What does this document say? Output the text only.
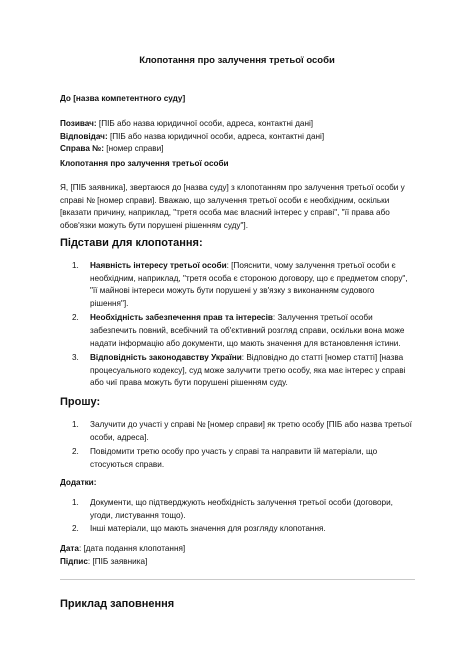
Клопотання про залучення третьої особи
До [назва компетентного суду]
Позивач: [ПІБ або назва юридичної особи, адреса, контактні дані]
Відповідач: [ПІБ або назва юридичної особи, адреса, контактні дані]
Справа №: [номер справи]
Клопотання про залучення третьої особи
Я, [ПІБ заявника], звертаюся до [назва суду] з клопотанням про залучення третьої особи у справі № [номер справи]. Вважаю, що залучення третьої особи є необхідним, оскільки [вказати причину, наприклад, "третя особа має власний інтерес у справі", "її права або обов'язки можуть бути порушені рішенням суду"].
Підстави для клопотання:
1. Наявність інтересу третьої особи: [Пояснити, чому залучення третьої особи є необхідним, наприклад, "третя особа є стороною договору, що є предметом спору", "її майнові інтереси можуть бути порушені у зв'язку з виконанням судового рішення"].
2. Необхідність забезпечення прав та інтересів: Залучення третьої особи забезпечить повний, всебічний та об'єктивний розгляд справи, оскільки вона може надати інформацію або документи, що мають значення для встановлення істини.
3. Відповідність законодавству України: Відповідно до статті [номер статті] [назва процесуального кодексу], суд може залучити третю особу, яка має інтерес у справі або чиї права можуть бути порушені рішенням суду.
Прошу:
1. Залучити до участі у справі № [номер справи] як третю особу [ПІБ або назва третьої особи, адреса].
2. Повідомити третю особу про участь у справі та направити їй матеріали, що стосуються справи.
Додатки:
1. Документи, що підтверджують необхідність залучення третьої особи (договори, угоди, листування тощо).
2. Інші матеріали, що мають значення для розгляду клопотання.
Дата: [дата подання клопотання]
Підпис: [ПІБ заявника]
Приклад заповнення
